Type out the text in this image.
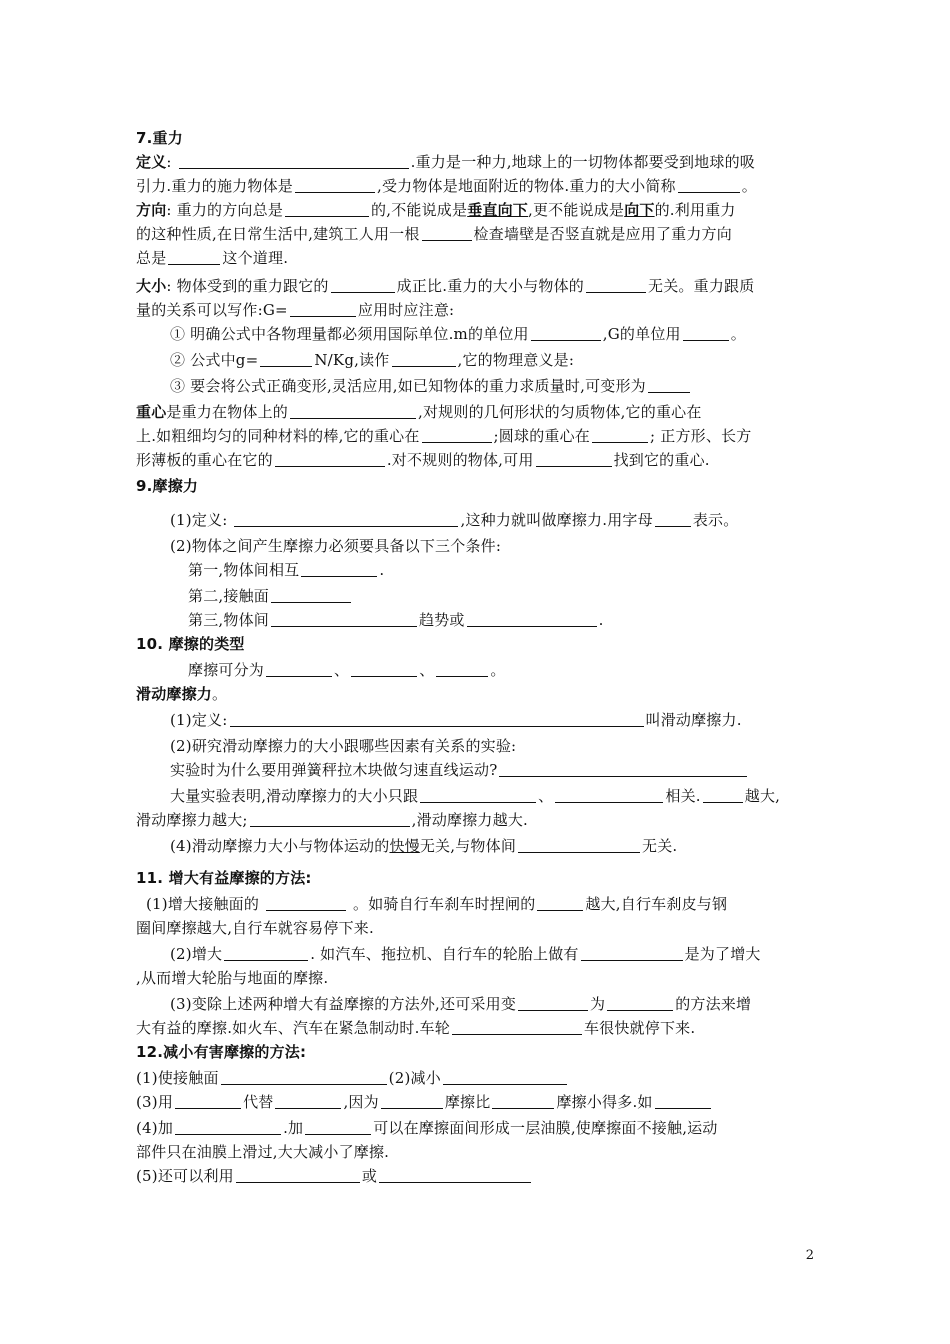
2
7.重力
定义:	.重力是一种力,地球上的一切物体都要受到地球的吸
引力.重力的施力物体是	,受力物体是地面附近的物体.重力的大小简称	。
方向: 重力的方向总是	的,不能说成是垂直向下,更不能说成是向下的.利用重力
的这种性质,在日常生活中,建筑工人用一根	检查墙壁是否竖直就是应用了重力方向
总是	这个道理.
大小: 物体受到的重力跟它的	成正比.重力的大小与物体的	无关。重力跟质
量的关系可以写作:G=	应用时应注意:
① 明确公式中各物理量都必须用国际单位.m的单位用	,G的单位用	。
② 公式中g=	N/Kg,读作	,它的物理意义是:
③ 要会将公式正确变形,灵活应用,如已知物体的重力求质量时,可变形为
重心是重力在物体上的	,对规则的几何形状的匀质物体,它的重心在
上.如粗细均匀的同种材料的棒,它的重心在	;圆球的重心在	; 正方形、长方
形薄板的重心在它的	.对不规则的物体,可用	找到它的重心.
9.摩擦力
(1)定义:	,这种力就叫做摩擦力.用字母	表示。
(2)物体之间产生摩擦力必须要具备以下三个条件:
第一,物体间相互	.
第二,接触面
第三,物体间	趋势或	.
10. 摩擦的类型
摩擦可分为	、	、	。
滑动摩擦力。
(1)定义:	叫滑动摩擦力.
(2)研究滑动摩擦力的大小跟哪些因素有关系的实验:
实验时为什么要用弹簧秤拉木块做匀速直线运动?
大量实验表明,滑动摩擦力的大小只跟	、	相关.	越大,
滑动摩擦力越大;	,滑动摩擦力越大.
(4)滑动摩擦力大小与物体运动的快慢无关,与物体间	无关.
11. 增大有益摩擦的方法:
(1)增大接触面的	。如骑自行车刹车时捏闸的	越大,自行车刹皮与钢
圈间摩擦越大,自行车就容易停下来.
(2)增大	. 如汽车、拖拉机、自行车的轮胎上做有	是为了增大
,从而增大轮胎与地面的摩擦.
(3)变除上述两种增大有益摩擦的方法外,还可采用变	为	的方法来增
大有益的摩擦.如火车、汽车在紧急制动时.车轮	车很快就停下来.
12.减小有害摩擦的方法:
(1)使接触面	(2)减小
(3)用	代替	,因为	摩擦比	摩擦小得多.如
(4)加	.加	可以在摩擦面间形成一层油膜,使摩擦面不接触,运动
部件只在油膜上滑过,大大减小了摩擦.
(5)还可以利用	或
